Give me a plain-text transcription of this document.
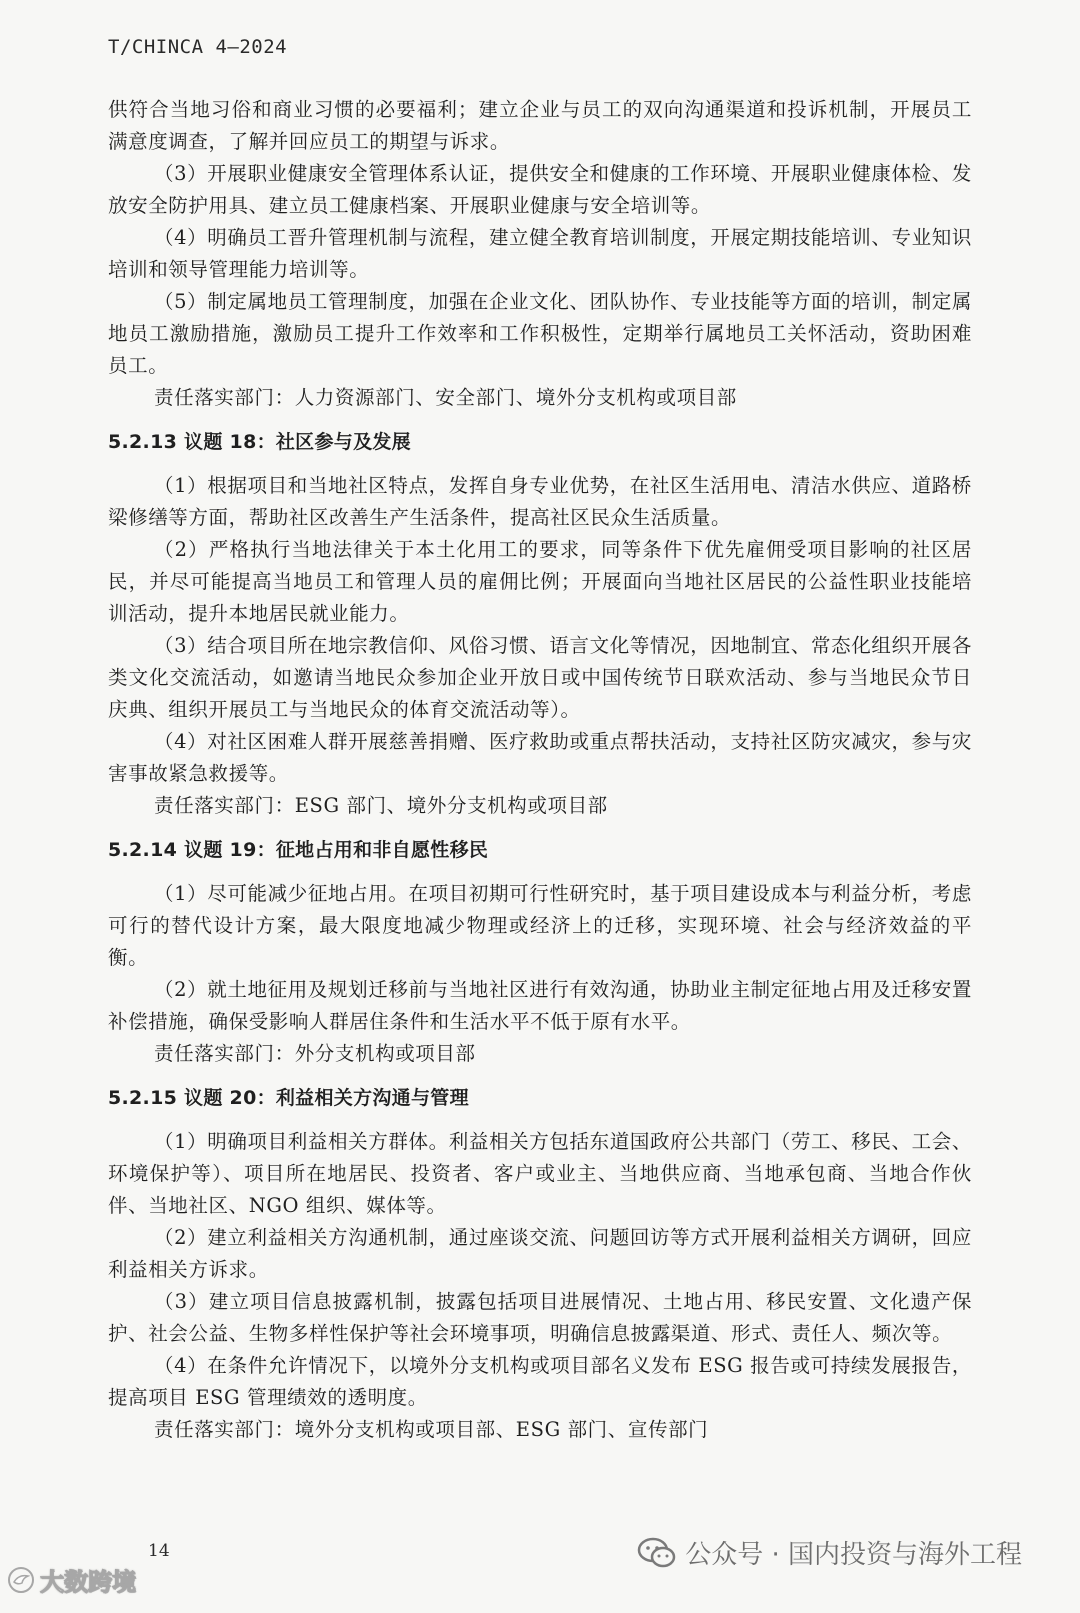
T/CHINCA 4—2024

供符合当地习俗和商业习惯的必要福利；建立企业与员工的双向沟通渠道和投诉机制，开展员工满意度调查，了解并回应员工的期望与诉求。

（3）开展职业健康安全管理体系认证，提供安全和健康的工作环境、开展职业健康体检、发放安全防护用具、建立员工健康档案、开展职业健康与安全培训等。

（4）明确员工晋升管理机制与流程，建立健全教育培训制度，开展定期技能培训、专业知识培训和领导管理能力培训等。

（5）制定属地员工管理制度，加强在企业文化、团队协作、专业技能等方面的培训，制定属地员工激励措施，激励员工提升工作效率和工作积极性，定期举行属地员工关怀活动，资助困难员工。

责任落实部门：人力资源部门、安全部门、境外分支机构或项目部

5.2.13 议题 18：社区参与及发展

（1）根据项目和当地社区特点，发挥自身专业优势，在社区生活用电、清洁水供应、道路桥梁修缮等方面，帮助社区改善生产生活条件，提高社区民众生活质量。

（2）严格执行当地法律关于本土化用工的要求，同等条件下优先雇佣受项目影响的社区居民，并尽可能提高当地员工和管理人员的雇佣比例；开展面向当地社区居民的公益性职业技能培训活动，提升本地居民就业能力。

（3）结合项目所在地宗教信仰、风俗习惯、语言文化等情况，因地制宜、常态化组织开展各类文化交流活动，如邀请当地民众参加企业开放日或中国传统节日联欢活动、参与当地民众节日庆典、组织开展员工与当地民众的体育交流活动等）。

（4）对社区困难人群开展慈善捐赠、医疗救助或重点帮扶活动，支持社区防灾减灾，参与灾害事故紧急救援等。

责任落实部门：ESG 部门、境外分支机构或项目部

5.2.14 议题 19：征地占用和非自愿性移民

（1）尽可能减少征地占用。在项目初期可行性研究时，基于项目建设成本与利益分析，考虑可行的替代设计方案，最大限度地减少物理或经济上的迁移，实现环境、社会与经济效益的平衡。

（2）就土地征用及规划迁移前与当地社区进行有效沟通，协助业主制定征地占用及迁移安置补偿措施，确保受影响人群居住条件和生活水平不低于原有水平。

责任落实部门：外分支机构或项目部

5.2.15 议题 20：利益相关方沟通与管理

（1）明确项目利益相关方群体。利益相关方包括东道国政府公共部门（劳工、移民、工会、环境保护等）、项目所在地居民、投资者、客户或业主、当地供应商、当地承包商、当地合作伙伴、当地社区、NGO 组织、媒体等。

（2）建立利益相关方沟通机制，通过座谈交流、问题回访等方式开展利益相关方调研，回应利益相关方诉求。

（3）建立项目信息披露机制，披露包括项目进展情况、土地占用、移民安置、文化遗产保护、社会公益、生物多样性保护等社会环境事项，明确信息披露渠道、形式、责任人、频次等。

（4）在条件允许情况下，以境外分支机构或项目部名义发布 ESG 报告或可持续发展报告，提高项目 ESG 管理绩效的透明度。

责任落实部门：境外分支机构或项目部、ESG 部门、宣传部门

14
大数跨境
公众号 · 国内投资与海外工程
